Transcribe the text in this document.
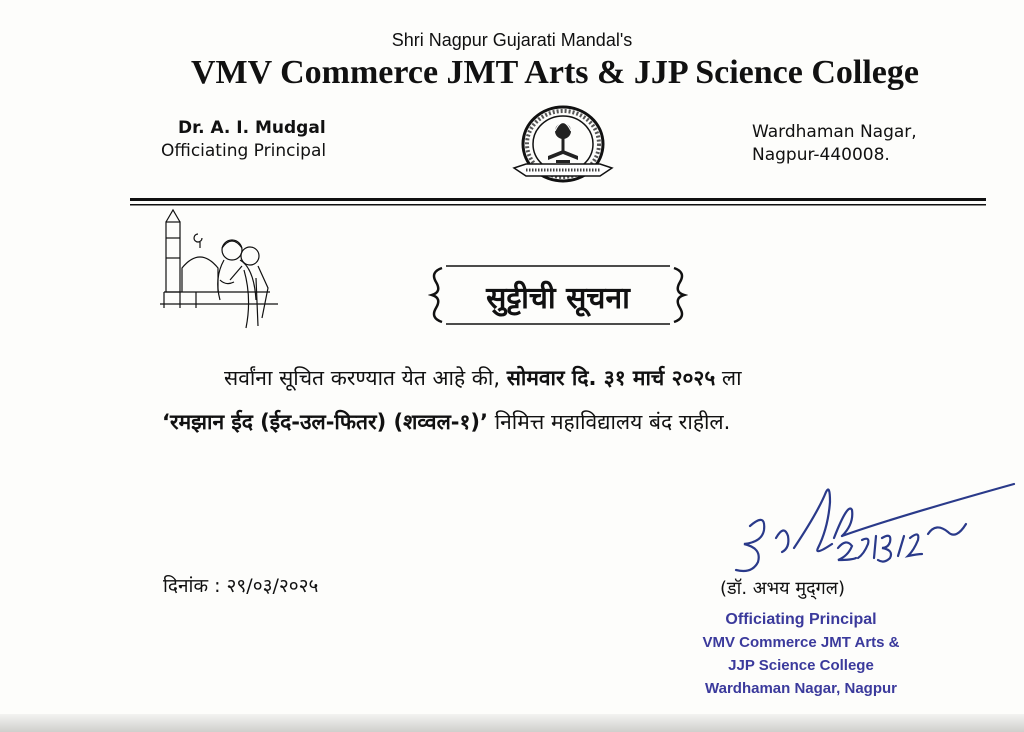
Shri Nagpur Gujarati Mandal's
VMV Commerce JMT Arts & JJP Science College
Dr. A. I. Mudgal
Officiating Principal
Wardhaman Nagar,
Nagpur-440008.
सुट्टीची सूचना
सर्वांना सूचित करण्यात येत आहे की, सोमवार दि. ३१ मार्च २०२५ ला
‘रमझान ईद (ईद-उल-फितर) (शव्वल-१)’ निमित्त महाविद्यालय बंद राहील.
दिनांक : २९/०३/२०२५	(डॉ. अभय मुद्‌गल)
Officiating Principal
VMV Commerce JMT Arts &
JJP Science College
Wardhaman Nagar, Nagpur
